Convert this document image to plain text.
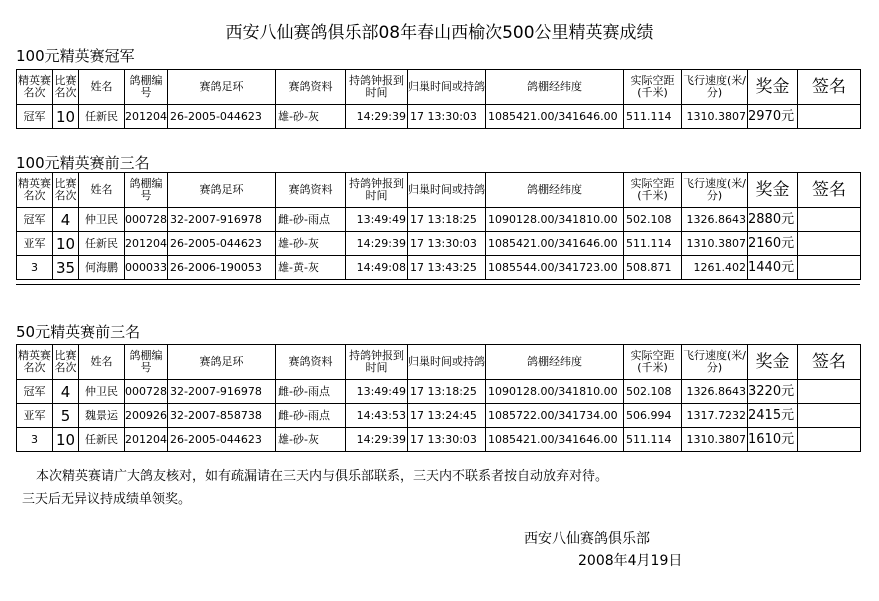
西安八仙赛鸽俱乐部08年春山西榆次500公里精英赛成绩
100元精英赛冠军
精英赛名次	比赛名次	姓名	鸽棚编号	赛鸽足环	赛鸽资料	持鸽钟报到时间	归巢时间或持鸽	鸽棚经纬度	实际空距(千米)	飞行速度(米/分)	奖金	签名
冠军	10	任新民	201204	26-2005-044623	雄-砂-灰	14:29:39	17 13:30:03	1085421.00/341646.00	511.114	1310.3807	2970元	
100元精英赛前三名
精英赛名次	比赛名次	姓名	鸽棚编号	赛鸽足环	赛鸽资料	持鸽钟报到时间	归巢时间或持鸽	鸽棚经纬度	实际空距(千米)	飞行速度(米/分)	奖金	签名
冠军	4	仲卫民	000728	32-2007-916978	雌-砂-雨点	13:49:49	17 13:18:25	1090128.00/341810.00	502.108	1326.8643	2880元	
亚军	10	任新民	201204	26-2005-044623	雄-砂-灰	14:29:39	17 13:30:03	1085421.00/341646.00	511.114	1310.3807	2160元	
3	35	何海鹏	000033	26-2006-190053	雄-黄-灰	14:49:08	17 13:43:25	1085544.00/341723.00	508.871	1261.402	1440元	
50元精英赛前三名
精英赛名次	比赛名次	姓名	鸽棚编号	赛鸽足环	赛鸽资料	持鸽钟报到时间	归巢时间或持鸽	鸽棚经纬度	实际空距(千米)	飞行速度(米/分)	奖金	签名
冠军	4	仲卫民	000728	32-2007-916978	雌-砂-雨点	13:49:49	17 13:18:25	1090128.00/341810.00	502.108	1326.8643	3220元	
亚军	5	魏景运	200926	32-2007-858738	雌-砂-雨点	14:43:53	17 13:24:45	1085722.00/341734.00	506.994	1317.7232	2415元	
3	10	任新民	201204	26-2005-044623	雄-砂-灰	14:29:39	17 13:30:03	1085421.00/341646.00	511.114	1310.3807	1610元	
本次精英赛请广大鸽友核对，如有疏漏请在三天内与俱乐部联系，三天内不联系者按自动放弃对待。
三天后无异议持成绩单领奖。
西安八仙赛鸽俱乐部
2008年4月19日
